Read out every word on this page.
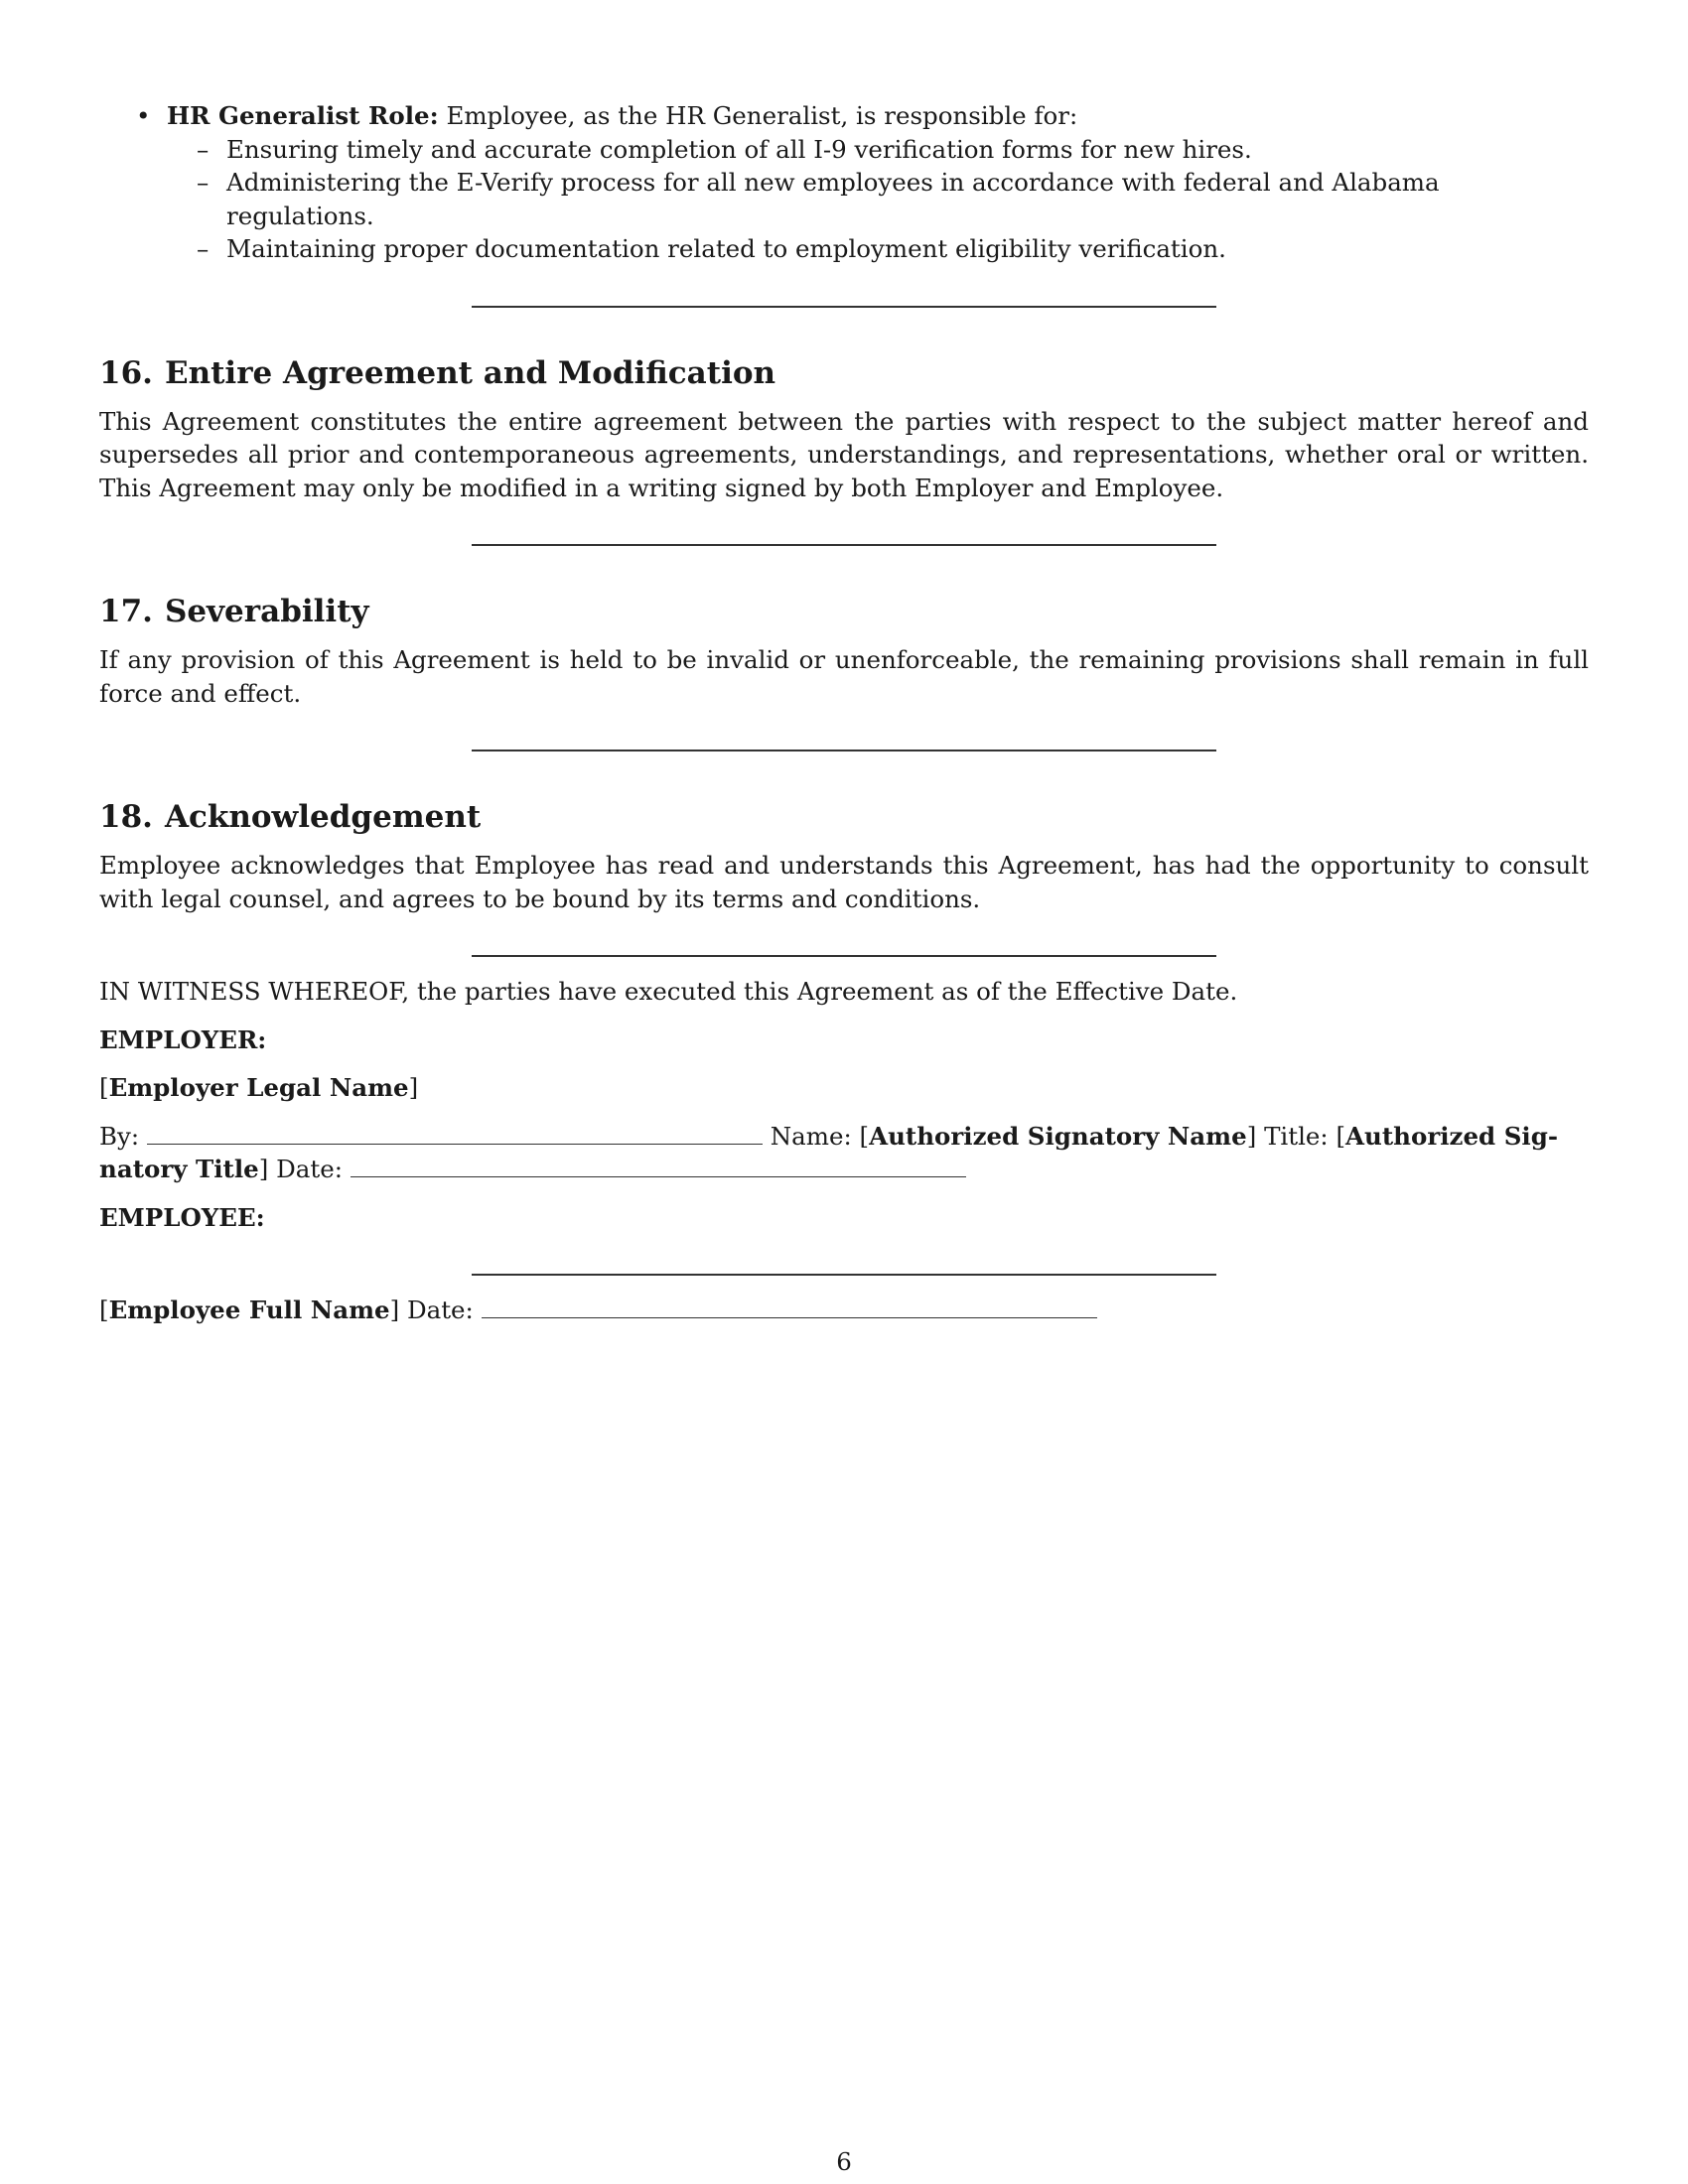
• HR Generalist Role: Employee, as the HR Generalist, is responsible for:
– Ensuring timely and accurate completion of all I-9 verification forms for new hires.
– Administering the E-Verify process for all new employees in accordance with federal and Alabama regulations.
– Maintaining proper documentation related to employment eligibility verification.
16. Entire Agreement and Modification

This Agreement constitutes the entire agreement between the parties with respect to the subject matter hereof and supersedes all prior and contemporaneous agreements, understandings, and representations, whether oral or written. This Agreement may only be modified in a writing signed by both Employer and Employee.

17. Severability

If any provision of this Agreement is held to be invalid or unenforceable, the remaining provisions shall remain in full force and effect.

18. Acknowledgement

Employee acknowledges that Employee has read and understands this Agreement, has had the opportunity to consult with legal counsel, and agrees to be bound by its terms and conditions.

IN WITNESS WHEREOF, the parties have executed this Agreement as of the Effective Date.

EMPLOYER:

[Employer Legal Name]

By:	Name: [Authorized Signatory Name] Title: [Authorized Sig-
natory Title] Date:

EMPLOYEE:

[Employee Full Name] Date:

6
